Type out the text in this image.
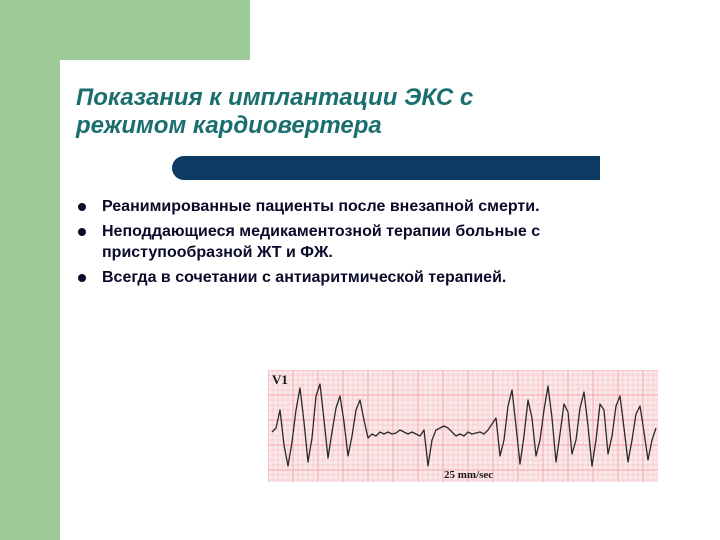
Показания к имплантации ЭКС с
режимом кардиовертера
Реанимированные пациенты после внезапной смерти.
Неподдающиеся медикаментозной терапии больные с приступообразной ЖТ и ФЖ.
Всегда в сочетании с антиаритмической терапией.
V1
25 mm/sec
